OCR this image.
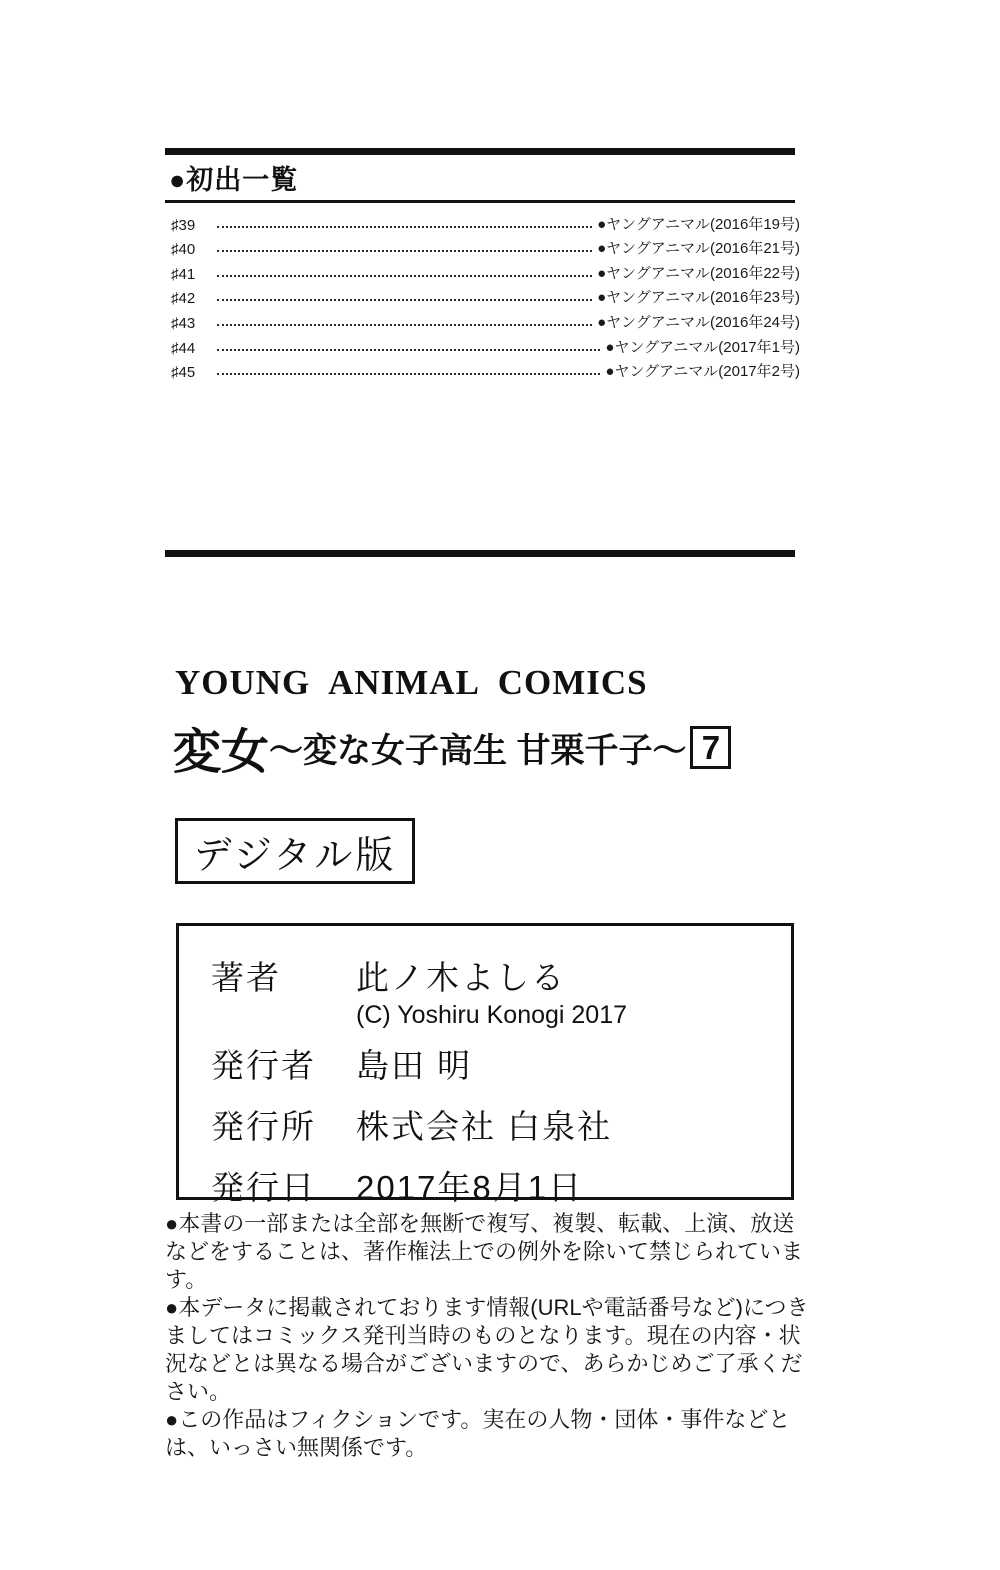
●初出一覧
♯39	●ヤングアニマル(2016年19号)
♯40	●ヤングアニマル(2016年21号)
♯41	●ヤングアニマル(2016年22号)
♯42	●ヤングアニマル(2016年23号)
♯43	●ヤングアニマル(2016年24号)
♯44	●ヤングアニマル(2017年1号)
♯45	●ヤングアニマル(2017年2号)
YOUNG ANIMAL COMICS
変女 〜変な女子高生 甘栗千子〜 7
デジタル版
著者	此ノ木よしる
(C) Yoshiru Konogi 2017
発行者	島田 明
発行所	株式会社 白泉社
発行日	2017年8月1日

●本書の一部または全部を無断で複写、複製、転載、上演、放送などをすることは、著作権法上での例外を除いて禁じられています。

●本データに掲載されております情報(URLや電話番号など)につきましてはコミックス発刊当時のものとなります。現在の内容・状況などとは異なる場合がございますので、あらかじめご了承ください。

●この作品はフィクションです。実在の人物・団体・事件などとは、いっさい無関係です。
